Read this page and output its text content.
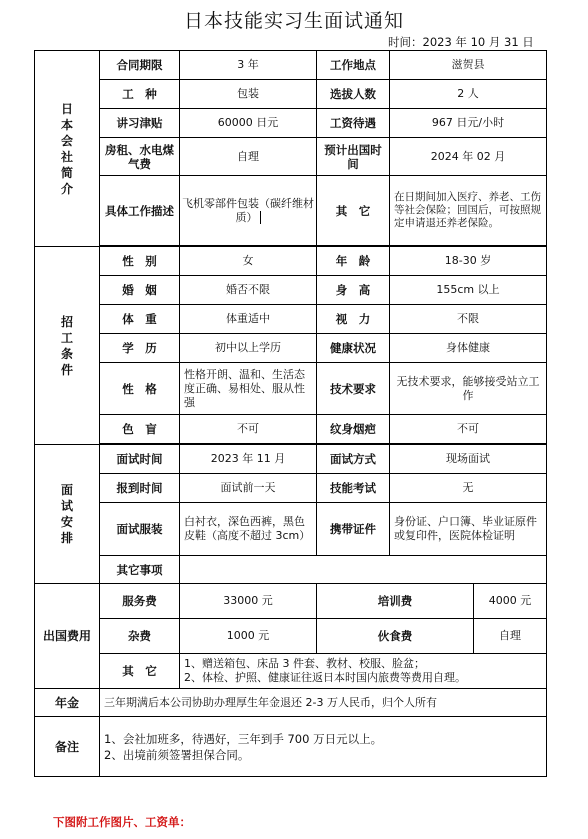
日本技能实习生面试通知
时间：2023 年 10 月 31 日
日本会社简介	合同期限	3 年	工作地点	滋贺县	
	工　种	包装	选拔人数	2 人	
	讲习津贴	60000 日元	工资待遇	967 日元/小时	
	房租、水电煤气费	自理	预计出国时间	2024 年 02 月	
	具体工作描述	飞机零部件包装（碳纤维材质）	其　它	在日期间加入医疗、养老、工伤等社会保险；回国后，可按照规定申请退还养老保险。	

招工条件	性　别	女	年　龄	18-30 岁	
	婚　姻	婚否不限	身　高	155cm 以上	
	体　重	体重适中	视　力	不限	
	学　历	初中以上学历	健康状况	身体健康	
	性　格	性格开朗、温和、生活态度正确、易相处、服从性强	技术要求	无技术要求，能够接受站立工作	
	色　盲	不可	纹身烟疤	不可	

面试安排	面试时间	2023 年 11 月	面试方式	现场面试	
	报到时间	面试前一天	技能考试	无	
	面试服装	白衬衣，深色西裤，黑色皮鞋（高度不超过 3cm）	携带证件	身份证、户口簿、毕业证原件或复印件，医院体检证明	
	其它事项				
出国费用	服务费	33000 元	培训费		4000 元
	杂费	1000 元	伙食费		自理
	其　它	1、赠送箱包、床品 3 件套、教材、校服、脸盆；
2、体检、护照、健康证往返日本时国内旅费等费用自理。			

年金	三年期满后本公司协助办理厚生年金退还 2-3 万人民币，归个人所有				
备注	1、会社加班多，待遇好，三年到手 700 万日元以上。
2、出境前须签署担保合同。				
下图附工作图片、工资单：
